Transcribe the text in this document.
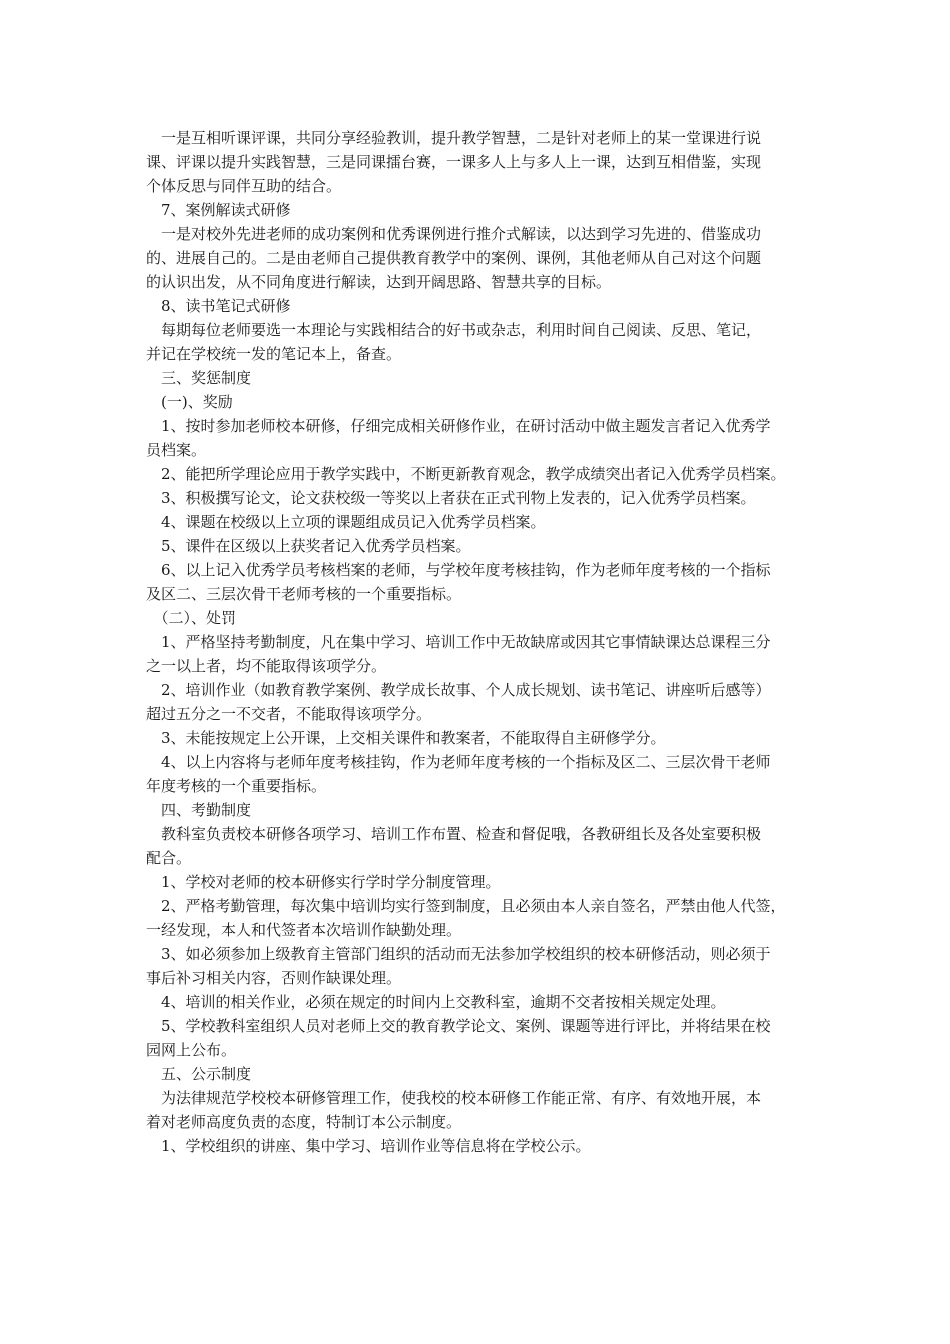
　一是互相听课评课，共同分享经验教训，提升教学智慧，二是针对老师上的某一堂课进行说
课、评课以提升实践智慧，三是同课擂台赛，一课多人上与多人上一课，达到互相借鉴，实现
个体反思与同伴互助的结合。
　7、案例解读式研修
　一是对校外先进老师的成功案例和优秀课例进行推介式解读，以达到学习先进的、借鉴成功
的、进展自己的。二是由老师自己提供教育教学中的案例、课例，其他老师从自己对这个问题
的认识出发，从不同角度进行解读，达到开阔思路、智慧共享的目标。
　8、读书笔记式研修
　每期每位老师要选一本理论与实践相结合的好书或杂志，利用时间自己阅读、反思、笔记，
并记在学校统一发的笔记本上，备查。
　三、奖惩制度
　(一)、奖励
　1、按时参加老师校本研修，仔细完成相关研修作业，在研讨活动中做主题发言者记入优秀学
员档案。
　2、能把所学理论应用于教学实践中，不断更新教育观念，教学成绩突出者记入优秀学员档案。
　3、积极撰写论文，论文获校级一等奖以上者获在正式刊物上发表的，记入优秀学员档案。
　4、课题在校级以上立项的课题组成员记入优秀学员档案。
　5、课件在区级以上获奖者记入优秀学员档案。
　6、以上记入优秀学员考核档案的老师，与学校年度考核挂钩，作为老师年度考核的一个指标
及区二、三层次骨干老师考核的一个重要指标。
　（二）、处罚
　1、严格坚持考勤制度，凡在集中学习、培训工作中无故缺席或因其它事情缺课达总课程三分
之一以上者，均不能取得该项学分。
　2、培训作业（如教育教学案例、教学成长故事、个人成长规划、读书笔记、讲座听后感等）
超过五分之一不交者，不能取得该项学分。
　3、未能按规定上公开课，上交相关课件和教案者，不能取得自主研修学分。
　4、以上内容将与老师年度考核挂钩，作为老师年度考核的一个指标及区二、三层次骨干老师
年度考核的一个重要指标。
　四、考勤制度
　教科室负责校本研修各项学习、培训工作布置、检查和督促哦，各教研组长及各处室要积极
配合。
　1、学校对老师的校本研修实行学时学分制度管理。
　2、严格考勤管理，每次集中培训均实行签到制度，且必须由本人亲自签名，严禁由他人代签，
一经发现，本人和代签者本次培训作缺勤处理。
　3、如必须参加上级教育主管部门组织的活动而无法参加学校组织的校本研修活动，则必须于
事后补习相关内容，否则作缺课处理。
　4、培训的相关作业，必须在规定的时间内上交教科室，逾期不交者按相关规定处理。
　5、学校教科室组织人员对老师上交的教育教学论文、案例、课题等进行评比，并将结果在校
园网上公布。
　五、公示制度
　为法律规范学校校本研修管理工作，使我校的校本研修工作能正常、有序、有效地开展，本
着对老师高度负责的态度，特制订本公示制度。
　1、学校组织的讲座、集中学习、培训作业等信息将在学校公示。
